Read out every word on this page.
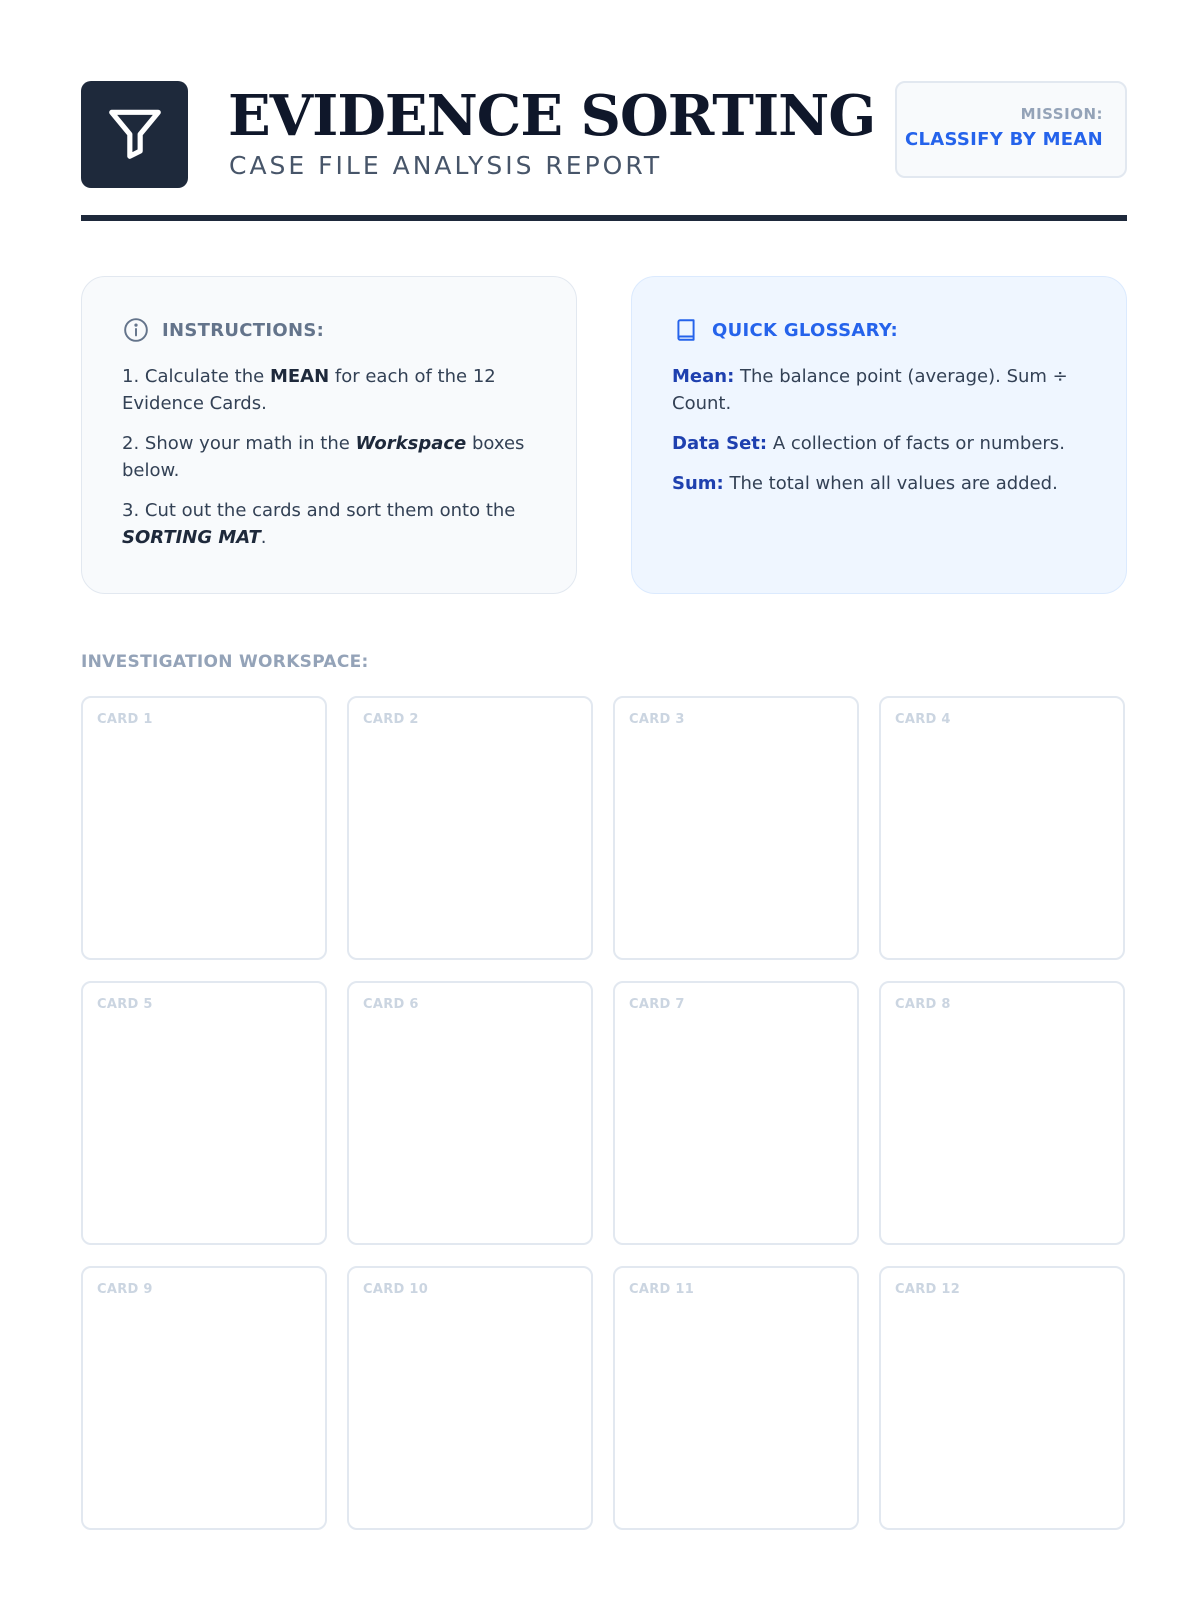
EVIDENCE SORTING
CASE FILE ANALYSIS REPORT
MISSION:
CLASSIFY BY MEAN
INSTRUCTIONS:

1. Calculate the MEAN for each of the 12 Evidence Cards.

2. Show your math in the Workspace boxes below.

3. Cut out the cards and sort them onto the SORTING MAT.

QUICK GLOSSARY:

Mean: The balance point (average). Sum ÷ Count.

Data Set: A collection of facts or numbers.

Sum: The total when all values are added.

INVESTIGATION WORKSPACE:
CARD 1	CARD 2	CARD 3	CARD 4
CARD 5	CARD 6	CARD 7	CARD 8
CARD 9	CARD 10	CARD 11	CARD 12
